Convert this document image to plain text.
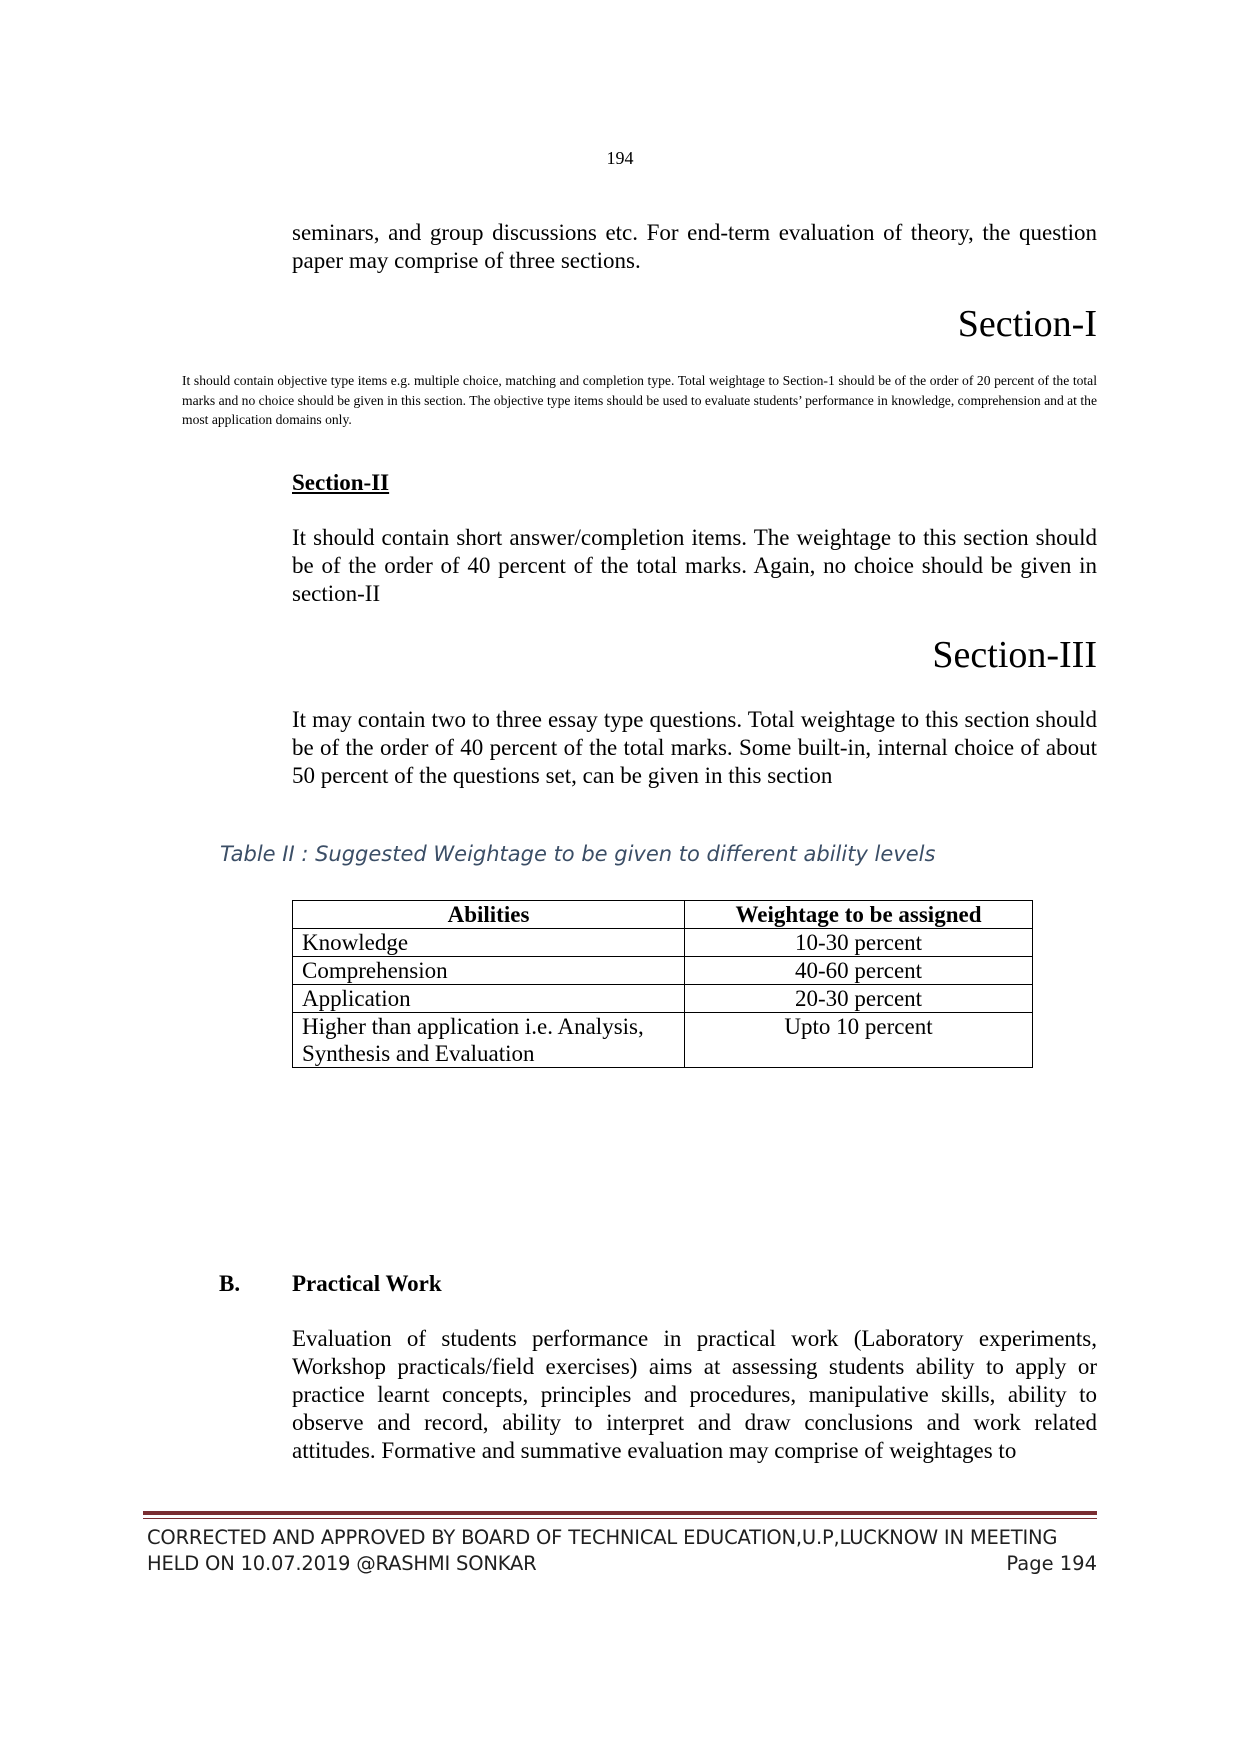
194
seminars, and group discussions etc. For end-term evaluation of theory, the question paper may comprise of three sections.
Section-I
It should contain objective type items e.g. multiple choice, matching and completion type. Total weightage to Section-1 should be of the order of 20 percent of the total marks and no choice should be given in this section. The objective type items should be used to evaluate students’ performance in knowledge, comprehension and at the most application domains only.
Section-II
It should contain short answer/completion items. The weightage to this section should be of the order of 40 percent of the total marks. Again, no choice should be given in section-II
Section-III
It may contain two to three essay type questions. Total weightage to this section should be of the order of 40 percent of the total marks. Some built-in, internal choice of about 50 percent of the questions set, can be given in this section
Table II : Suggested Weightage to be given to different ability levels
Abilities	Weightage to be assigned
Knowledge	10-30 percent
Comprehension	40-60 percent
Application	20-30 percent
Higher than application i.e. Analysis, Synthesis and Evaluation	Upto 10 percent
B. Practical Work
Evaluation of students performance in practical work (Laboratory experiments, Workshop practicals/field exercises) aims at assessing students ability to apply or practice learnt concepts, principles and procedures, manipulative skills, ability to observe and record, ability to interpret and draw conclusions and work related attitudes. Formative and summative evaluation may comprise of weightages to
CORRECTED AND APPROVED BY BOARD OF TECHNICAL EDUCATION,U.P,LUCKNOW IN MEETING
HELD ON 10.07.2019 @RASHMI SONKAR	Page 194
